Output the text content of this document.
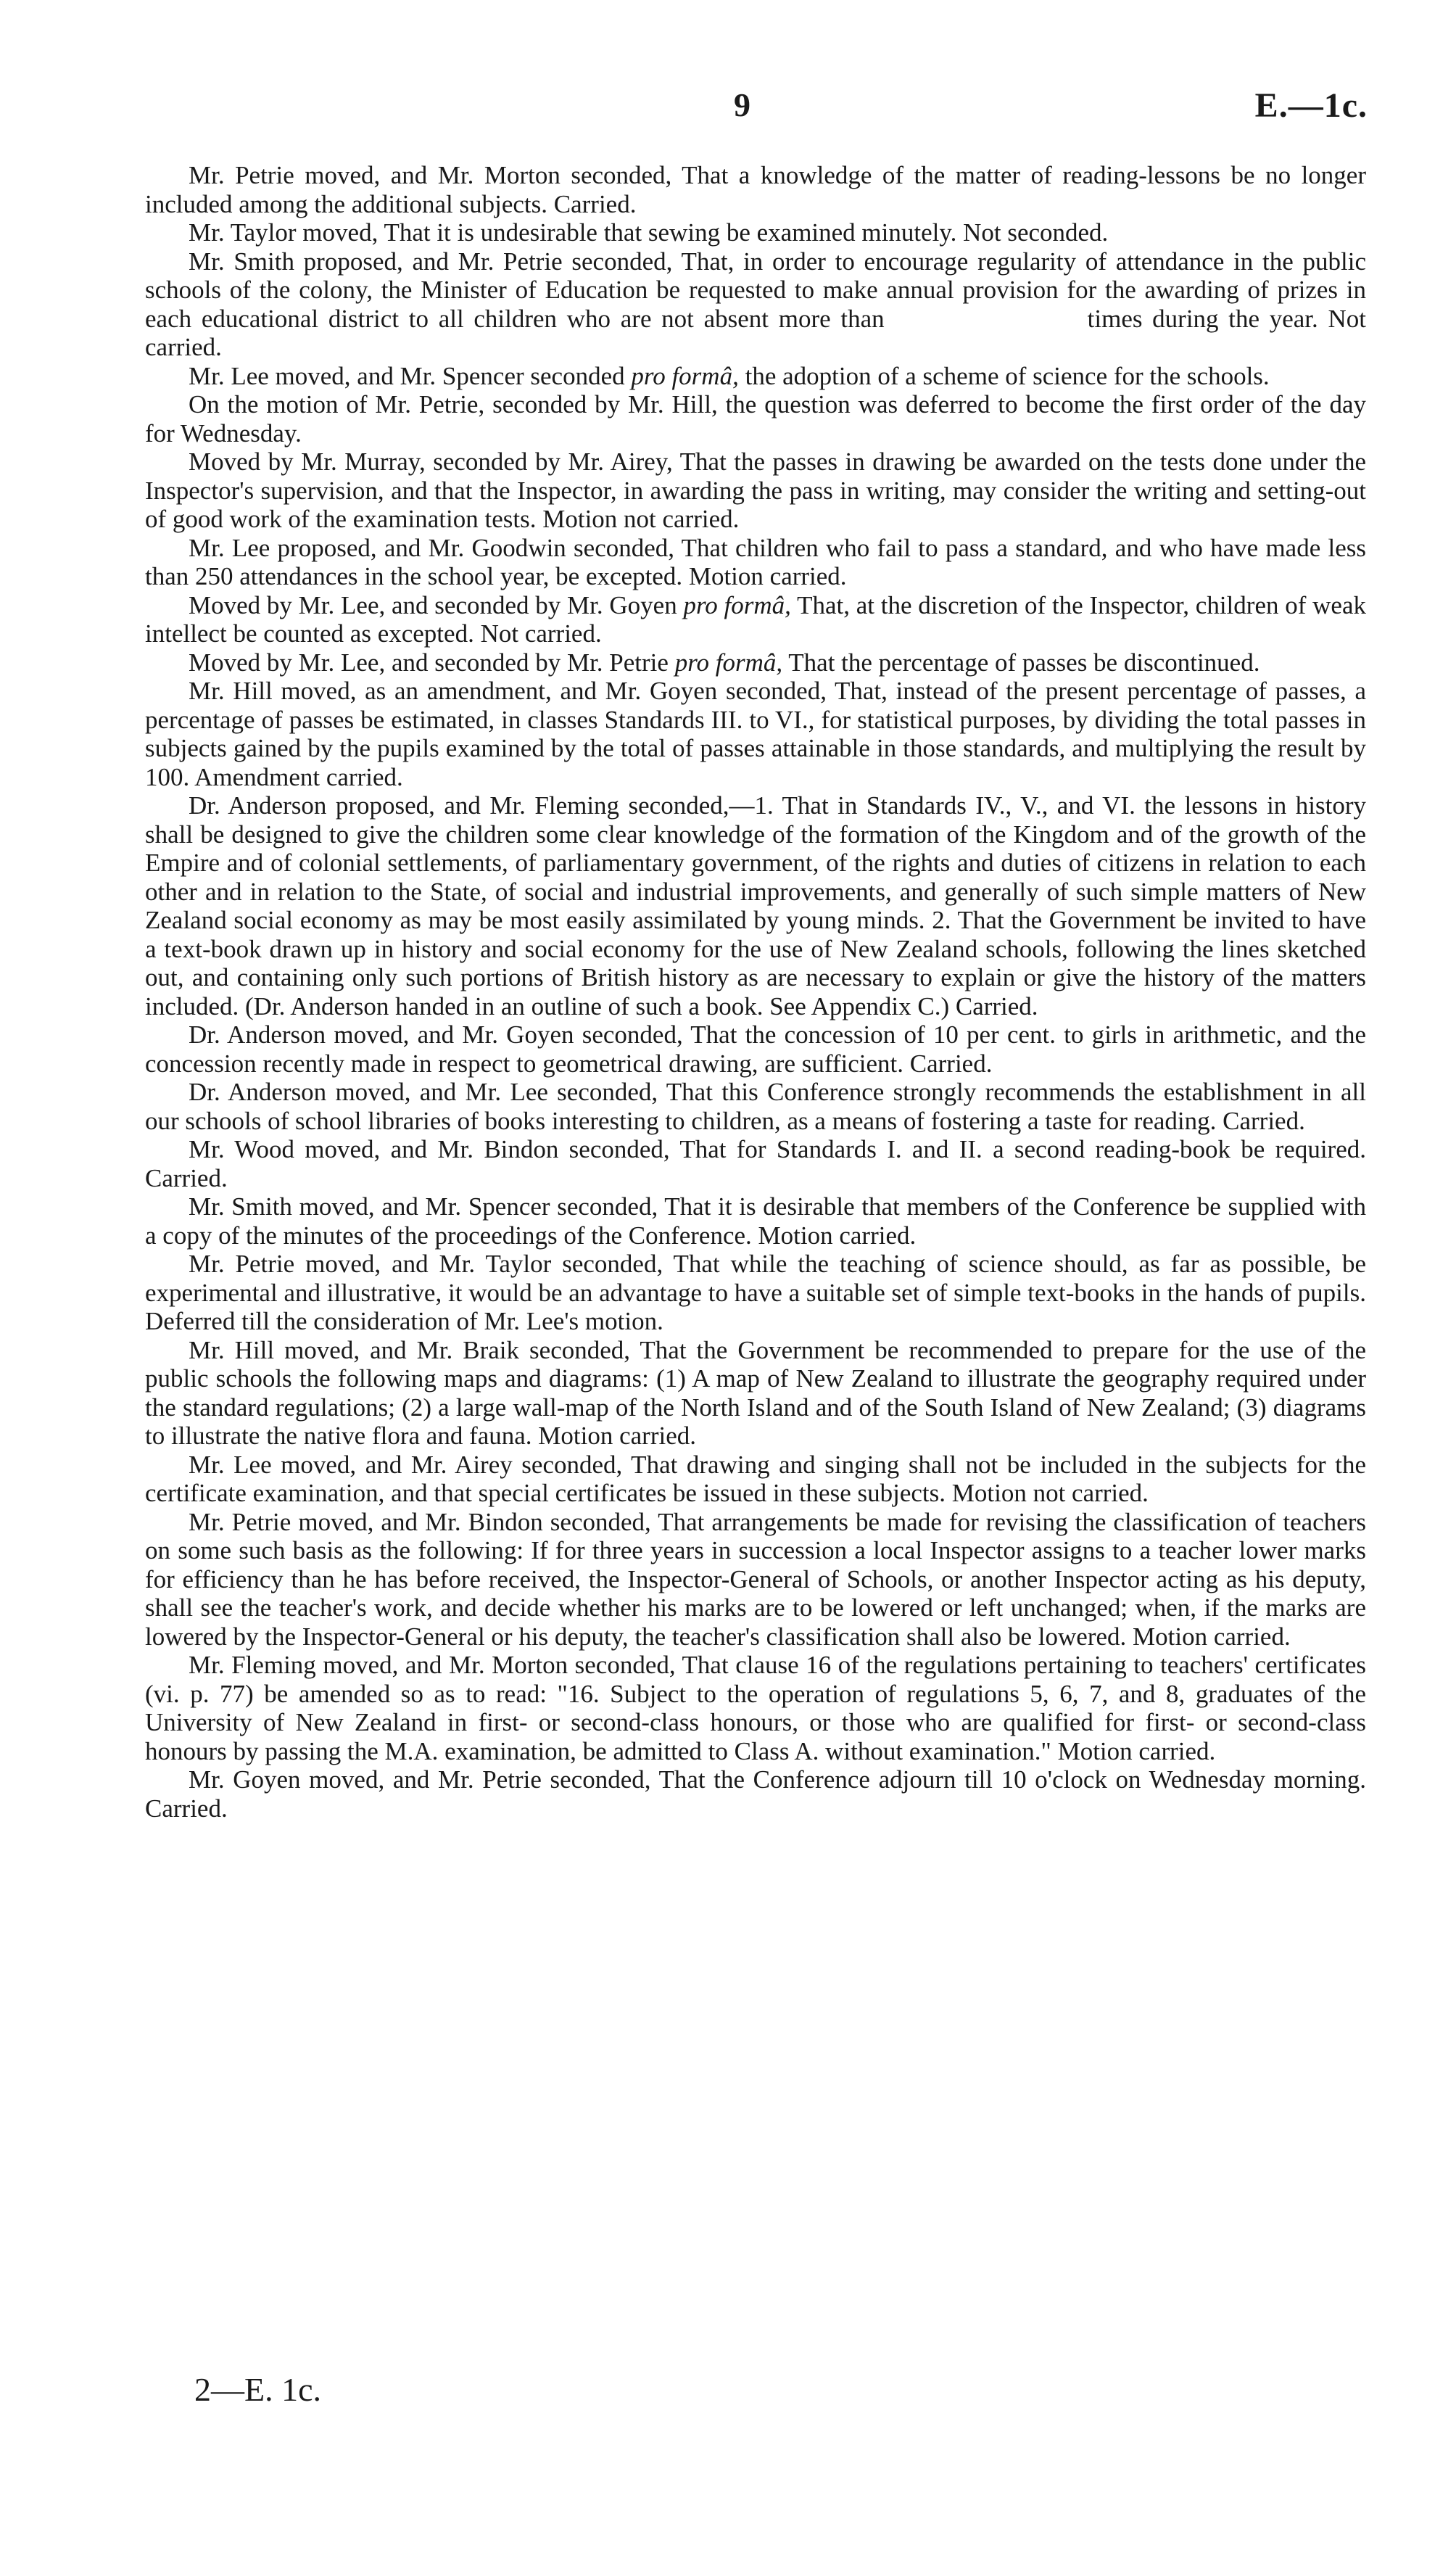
9	E.—1c.

Mr. Petrie moved, and Mr. Morton seconded, That a knowledge of the matter of reading-lessons be no longer included among the additional subjects. Carried.

Mr. Taylor moved, That it is undesirable that sewing be examined minutely. Not seconded.

Mr. Smith proposed, and Mr. Petrie seconded, That, in order to encourage regularity of attendance in the public schools of the colony, the Minister of Education be requested to make annual provision for the awarding of prizes in each educational district to all children who are not absent more than	times during the year. Not carried.

Mr. Lee moved, and Mr. Spencer seconded pro formâ, the adoption of a scheme of science for the schools.

On the motion of Mr. Petrie, seconded by Mr. Hill, the question was deferred to become the first order of the day for Wednesday.

Moved by Mr. Murray, seconded by Mr. Airey, That the passes in drawing be awarded on the tests done under the Inspector's supervision, and that the Inspector, in awarding the pass in writing, may consider the writing and setting-out of good work of the examination tests. Motion not carried.

Mr. Lee proposed, and Mr. Goodwin seconded, That children who fail to pass a standard, and who have made less than 250 attendances in the school year, be excepted. Motion carried.

Moved by Mr. Lee, and seconded by Mr. Goyen pro formâ, That, at the discretion of the Inspector, children of weak intellect be counted as excepted. Not carried.

Moved by Mr. Lee, and seconded by Mr. Petrie pro formâ, That the percentage of passes be discontinued.

Mr. Hill moved, as an amendment, and Mr. Goyen seconded, That, instead of the present percentage of passes, a percentage of passes be estimated, in classes Standards III. to VI., for statistical purposes, by dividing the total passes in subjects gained by the pupils examined by the total of passes attainable in those standards, and multiplying the result by 100. Amendment carried.

Dr. Anderson proposed, and Mr. Fleming seconded,—1. That in Standards IV., V., and VI. the lessons in history shall be designed to give the children some clear knowledge of the formation of the Kingdom and of the growth of the Empire and of colonial settlements, of parliamentary government, of the rights and duties of citizens in relation to each other and in relation to the State, of social and industrial improvements, and generally of such simple matters of New Zealand social economy as may be most easily assimilated by young minds. 2. That the Government be invited to have a text-book drawn up in history and social economy for the use of New Zealand schools, following the lines sketched out, and containing only such portions of British history as are necessary to explain or give the history of the matters included. (Dr. Anderson handed in an outline of such a book. See Appendix C.) Carried.

Dr. Anderson moved, and Mr. Goyen seconded, That the concession of 10 per cent. to girls in arithmetic, and the concession recently made in respect to geometrical drawing, are sufficient. Carried.

Dr. Anderson moved, and Mr. Lee seconded, That this Conference strongly recommends the establishment in all our schools of school libraries of books interesting to children, as a means of fostering a taste for reading. Carried.

Mr. Wood moved, and Mr. Bindon seconded, That for Standards I. and II. a second reading-book be required. Carried.

Mr. Smith moved, and Mr. Spencer seconded, That it is desirable that members of the Conference be supplied with a copy of the minutes of the proceedings of the Conference. Motion carried.

Mr. Petrie moved, and Mr. Taylor seconded, That while the teaching of science should, as far as possible, be experimental and illustrative, it would be an advantage to have a suitable set of simple text-books in the hands of pupils. Deferred till the consideration of Mr. Lee's motion.

Mr. Hill moved, and Mr. Braik seconded, That the Government be recommended to prepare for the use of the public schools the following maps and diagrams: (1) A map of New Zealand to illustrate the geography required under the standard regulations; (2) a large wall-map of the North Island and of the South Island of New Zealand; (3) diagrams to illustrate the native flora and fauna. Motion carried.

Mr. Lee moved, and Mr. Airey seconded, That drawing and singing shall not be included in the subjects for the certificate examination, and that special certificates be issued in these subjects. Motion not carried.

Mr. Petrie moved, and Mr. Bindon seconded, That arrangements be made for revising the classification of teachers on some such basis as the following: If for three years in succession a local Inspector assigns to a teacher lower marks for efficiency than he has before received, the Inspector-General of Schools, or another Inspector acting as his deputy, shall see the teacher's work, and decide whether his marks are to be lowered or left unchanged; when, if the marks are lowered by the Inspector-General or his deputy, the teacher's classification shall also be lowered. Motion carried.

Mr. Fleming moved, and Mr. Morton seconded, That clause 16 of the regulations pertaining to teachers' certificates (vi. p. 77) be amended so as to read: "16. Subject to the operation of regulations 5, 6, 7, and 8, graduates of the University of New Zealand in first- or second-class honours, or those who are qualified for first- or second-class honours by passing the M.A. examination, be admitted to Class A. without examination." Motion carried.

Mr. Goyen moved, and Mr. Petrie seconded, That the Conference adjourn till 10 o'clock on Wednesday morning. Carried.

2—E. 1c.
